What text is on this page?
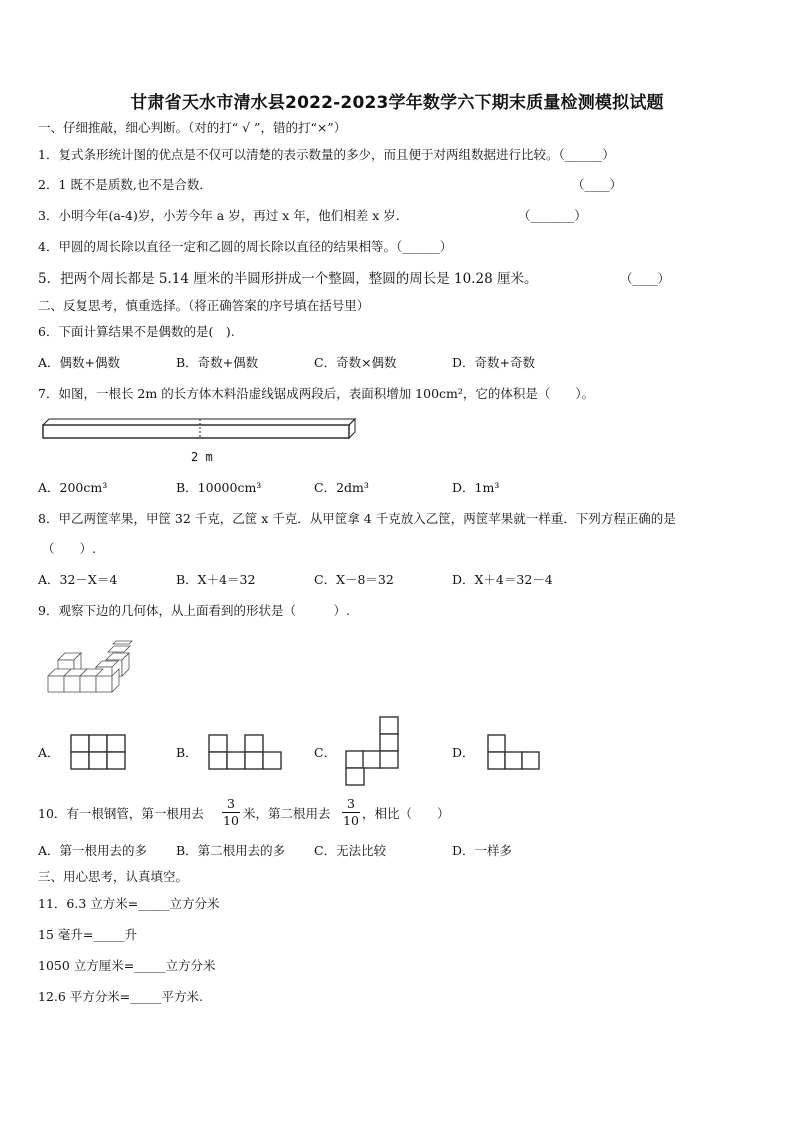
甘肃省天水市清水县2022-2023学年数学六下期末质量检测模拟试题
一、仔细推敲，细心判断。（对的打“ √ ”，错的打“×”）
1．复式条形统计图的优点是不仅可以清楚的表示数量的多少，而且便于对两组数据进行比较。（______）
2．1 既不是质数,也不是合数．	（____）
3．小明今年(a-4)岁，小芳今年 a 岁，再过 x 年，他们相差 x 岁．	（_______）
4．甲圆的周长除以直径一定和乙圆的周长除以直径的结果相等。（______）
5．把两个周长都是 5.14 厘米的半圆形拼成一个整圆，整圆的周长是 10.28 厘米。	（____）
二、反复思考，慎重选择。（将正确答案的序号填在括号里）
6．下面计算结果不是偶数的是(　).
A．偶数+偶数	B．奇数+偶数	C．奇数×偶数	D．奇数+奇数
7．如图，一根长 2m 的长方体木料沿虚线锯成两段后，表面积增加 100cm²，它的体积是（　　）。
2 m
A．200cm³	B．10000cm³	C．2dm³	D．1m³
8．甲乙两筐苹果，甲筐 32 千克，乙筐 x 千克．从甲筐拿 4 千克放入乙筐，两筐苹果就一样重．下列方程正确的是
（　　）.
A．32－X＝4	B．X＋4＝32	C．X－8＝32	D．X＋4＝32－4
9．观察下边的几何体，从上面看到的形状是（　　　）.
A．	B．	C．	D．
10．有一根钢管，第一根用去
3
10 米，第二根用去
3
10 ，相比（　　）
A．第一根用去的多 B．第二根用去的多 C．无法比较	D．一样多
三、用心思考，认真填空。
11．6.3 立方米=_____立方分米
15 毫升=_____升
1050 立方厘米=_____立方分米
12.6 平方分米=_____平方米.
